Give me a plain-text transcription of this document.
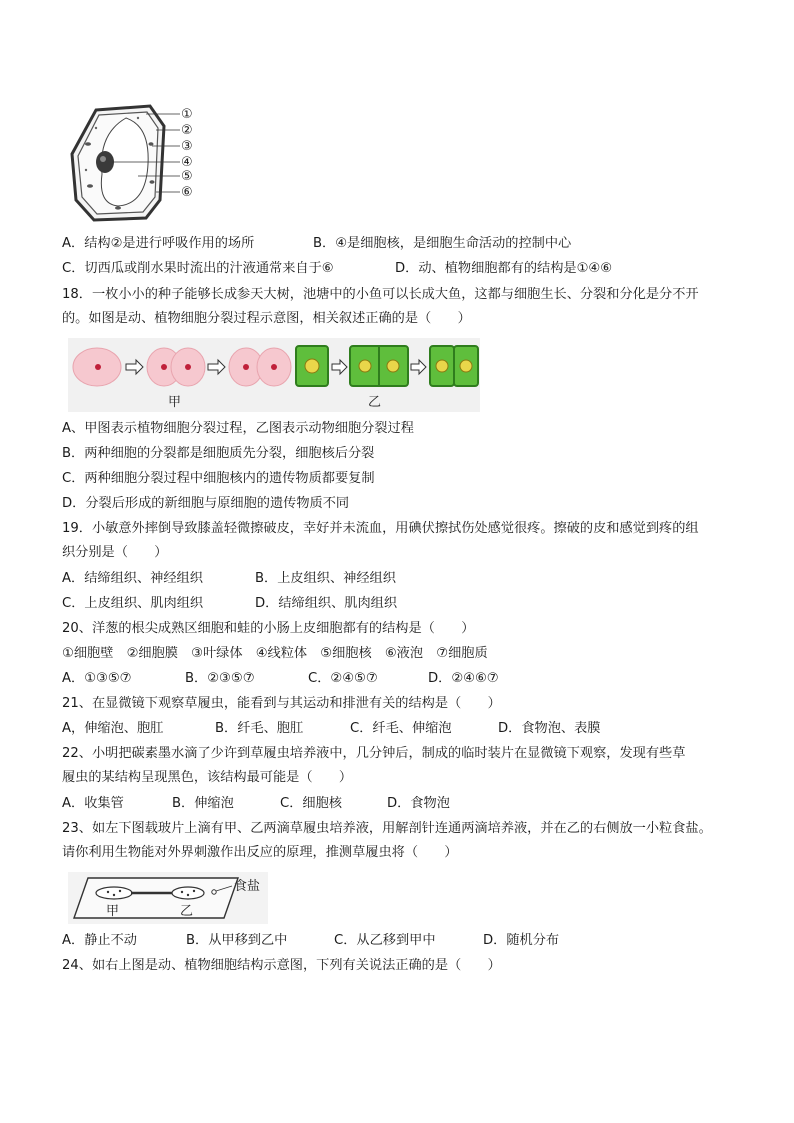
①
②
③
④
⑤
⑥
A．结构②是进行呼吸作用的场所	B．④是细胞核，是细胞生命活动的控制中心
C．切西瓜或削水果时流出的汁液通常来自于⑥	D．动、植物细胞都有的结构是①④⑥
18．一枚小小的种子能够长成参天大树，池塘中的小鱼可以长成大鱼，这都与细胞生长、分裂和分化是分不开
的。如图是动、植物细胞分裂过程示意图，相关叙述正确的是（　　）
甲	乙
A、甲图表示植物细胞分裂过程，乙图表示动物细胞分裂过程
B．两种细胞的分裂都是细胞质先分裂，细胞核后分裂
C．两种细胞分裂过程中细胞核内的遗传物质都要复制
D．分裂后形成的新细胞与原细胞的遗传物质不同
19．小敏意外摔倒导致膝盖轻微擦破皮，幸好并未流血，用碘伏擦拭伤处感觉很疼。擦破的皮和感觉到疼的组
织分别是（　　）
A．结缔组织、神经组织	B．上皮组织、神经组织
C．上皮组织、肌肉组织	D．结缔组织、肌肉组织
20、洋葱的根尖成熟区细胞和蛙的小肠上皮细胞都有的结构是（　　）
①细胞壁　②细胞膜　③叶绿体　④线粒体　⑤细胞核　⑥液泡　⑦细胞质
A．①③⑤⑦	B．②③⑤⑦	C．②④⑤⑦	D．②④⑥⑦
21、在显微镜下观察草履虫，能看到与其运动和排泄有关的结构是（　　）
A，伸缩泡、胞肛	B．纤毛、胞肛	C．纤毛、伸缩泡	D．食物泡、表膜
22、小明把碳素墨水滴了少许到草履虫培养液中，几分钟后，制成的临时装片在显微镜下观察，发现有些草
履虫的某结构呈现黑色，该结构最可能是（　　）
A．收集管	B．伸缩泡	C．细胞核	D．食物泡
23、如左下图载玻片上滴有甲、乙两滴草履虫培养液，用解剖针连通两滴培养液，并在乙的右侧放一小粒食盐。
请你利用生物能对外界刺激作出反应的原理，推测草履虫将（　　）
食盐
甲	乙
A．静止不动	B．从甲移到乙中	C．从乙移到甲中	D．随机分布
24、如右上图是动、植物细胞结构示意图，下列有关说法正确的是（　　）
